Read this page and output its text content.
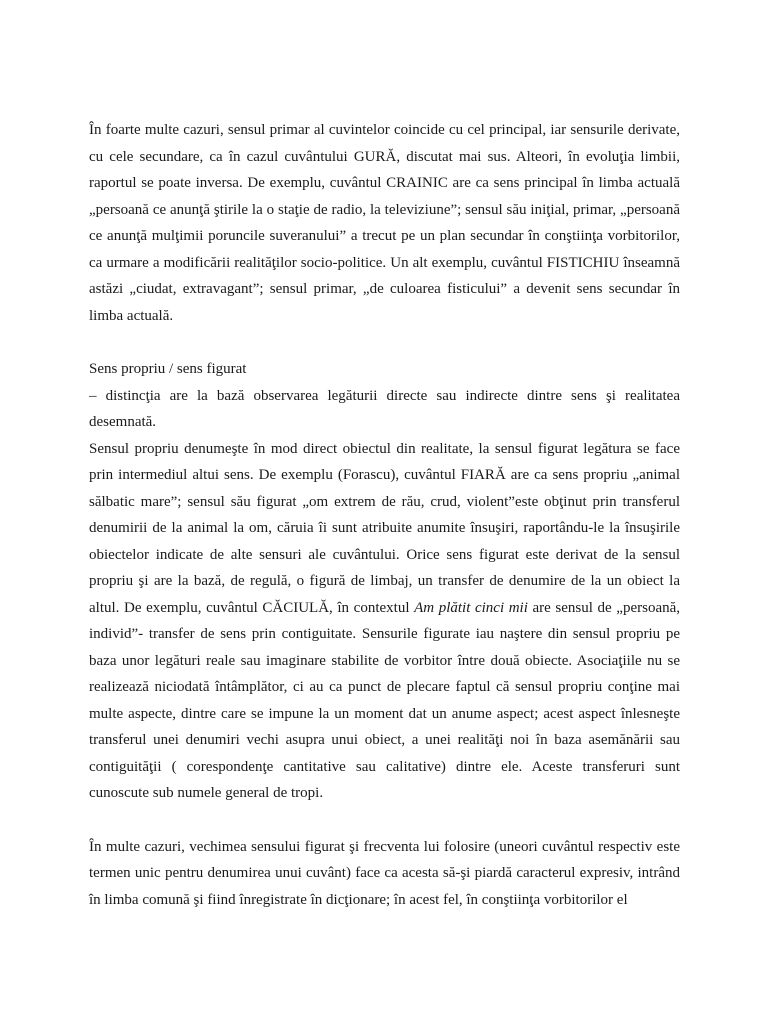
În foarte multe cazuri, sensul primar al cuvintelor coincide cu cel principal, iar sensurile derivate, cu cele secundare, ca în cazul cuvântului GURĂ, discutat mai sus. Alteori, în evoluţia limbii, raportul se poate inversa. De exemplu, cuvântul CRAINIC are ca sens principal în limba actuală „persoană ce anunţă ştirile la o staţie de radio, la televiziune”; sensul său iniţial, primar, „persoană ce anunţă mulţimii poruncile suveranului” a trecut pe un plan secundar în conştiinţa vorbitorilor, ca urmare a modificării realităţilor socio-politice. Un alt exemplu, cuvântul FISTICHIU înseamnă astăzi „ciudat, extravagant”; sensul primar, „de culoarea fisticului” a devenit sens secundar în limba actuală.

Sens propriu / sens figurat

– distincţia are la bază observarea legăturii directe sau indirecte dintre sens şi realitatea desemnată.

Sensul propriu denumeşte în mod direct obiectul din realitate, la sensul figurat legătura se face prin intermediul altui sens. De exemplu (Forascu), cuvântul FIARĂ are ca sens propriu „animal sălbatic mare”; sensul său figurat „om extrem de rău, crud, violent”este obţinut prin transferul denumirii de la animal la om, căruia îi sunt atribuite anumite însuşiri, raportându-le la însuşirile obiectelor indicate de alte sensuri ale cuvântului. Orice sens figurat este derivat de la sensul propriu şi are la bază, de regulă, o figură de limbaj, un transfer de denumire de la un obiect la altul. De exemplu, cuvântul CĂCIULĂ, în contextul Am plătit cinci mii are sensul de „persoană, individ”- transfer de sens prin contiguitate. Sensurile figurate iau naştere din sensul propriu pe baza unor legături reale sau imaginare stabilite de vorbitor între două obiecte. Asociaţiile nu se realizează niciodată întâmplător, ci au ca punct de plecare faptul că sensul propriu conţine mai multe aspecte, dintre care se impune la un moment dat un anume aspect; acest aspect înlesneşte transferul unei denumiri vechi asupra unui obiect, a unei realităţi noi în baza asemănării sau contiguităţii ( corespondenţe cantitative sau calitative) dintre ele. Aceste transferuri sunt cunoscute sub numele general de tropi.

În multe cazuri, vechimea sensului figurat şi frecventa lui folosire (uneori cuvântul respectiv este termen unic pentru denumirea unui cuvânt) face ca acesta să-şi piardă caracterul expresiv, intrând în limba comună şi fiind înregistrate în dicţionare; în acest fel, în conştiinţa vorbitorilor el
